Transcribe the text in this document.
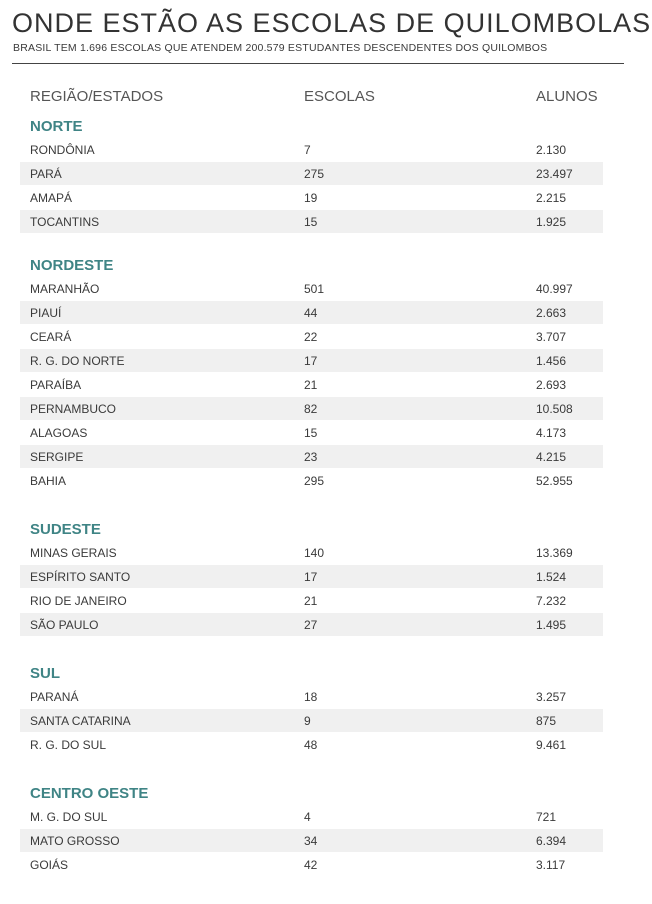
ONDE ESTÃO AS ESCOLAS DE QUILOMBOLAS
BRASIL TEM 1.696 ESCOLAS QUE ATENDEM 200.579 ESTUDANTES DESCENDENTES DOS QUILOMBOS
REGIÃO/ESTADOS	ESCOLAS	ALUNOS
NORTE
RONDÔNIA	7	2.130
PARÁ	275	23.497
AMAPÁ	19	2.215
TOCANTINS	15	1.925
NORDESTE
MARANHÃO	501	40.997
PIAUÍ	44	2.663
CEARÁ	22	3.707
R. G. DO NORTE	17	1.456
PARAÍBA	21	2.693
PERNAMBUCO	82	10.508
ALAGOAS	15	4.173
SERGIPE	23	4.215
BAHIA	295	52.955
SUDESTE
MINAS GERAIS	140	13.369
ESPÍRITO SANTO	17	1.524
RIO DE JANEIRO	21	7.232
SÃO PAULO	27	1.495
SUL
PARANÁ	18	3.257
SANTA CATARINA	9	875
R. G. DO SUL	48	9.461
CENTRO OESTE
M. G. DO SUL	4	721
MATO GROSSO	34	6.394
GOIÁS	42	3.117
